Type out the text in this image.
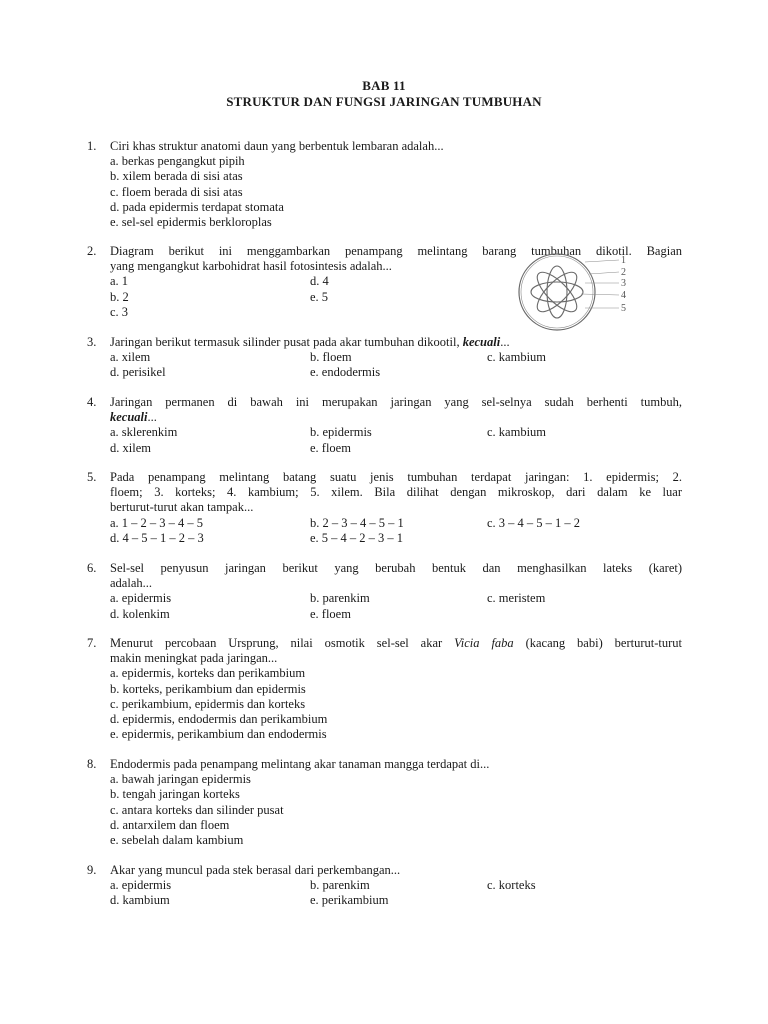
BAB 11
STRUKTUR DAN FUNGSI JARINGAN TUMBUHAN
1. Ciri khas struktur anatomi daun yang berbentuk lembaran adalah...
a. berkas pengangkut pipih
b. xilem berada di sisi atas
c. floem berada di sisi atas
d. pada epidermis terdapat stomata
e. sel-sel epidermis berkloroplas
2. Diagram berikut ini menggambarkan penampang melintang barang tumbuhan dikotil. Bagian
yang mengangkut karbohidrat hasil fotosintesis adalah...
a. 1	d. 4
b. 2	e. 5
c. 3
1
2
3
4
5
3. Jaringan berikut termasuk silinder pusat pada akar tumbuhan dikootil, kecuali...
a. xilem	b. floem	c. kambium
d. perisikel	e. endodermis
4. Jaringan permanen di bawah ini merupakan jaringan yang sel-selnya sudah berhenti tumbuh,
kecuali...
a. sklerenkim	b. epidermis	c. kambium
d. xilem	e. floem
5. Pada penampang melintang batang suatu jenis tumbuhan terdapat jaringan: 1. epidermis; 2.
floem; 3. korteks; 4. kambium; 5. xilem. Bila dilihat dengan mikroskop, dari dalam ke luar
berturut-turut akan tampak...
a. 1 – 2 – 3 – 4 – 5	b. 2 – 3 – 4 – 5 – 1	c. 3 – 4 – 5 – 1 – 2
d. 4 – 5 – 1 – 2 – 3	e. 5 – 4 – 2 – 3 – 1
6. Sel-sel penyusun jaringan berikut yang berubah bentuk dan menghasilkan lateks (karet)
adalah...
a. epidermis	b. parenkim	c. meristem
d. kolenkim	e. floem
7. Menurut percobaan Ursprung, nilai osmotik sel-sel akar Vicia faba (kacang babi) berturut-turut
makin meningkat pada jaringan...
a. epidermis, korteks dan perikambium
b. korteks, perikambium dan epidermis
c. perikambium, epidermis dan korteks
d. epidermis, endodermis dan perikambium
e. epidermis, perikambium dan endodermis
8. Endodermis pada penampang melintang akar tanaman mangga terdapat di...
a. bawah jaringan epidermis
b. tengah jaringan korteks
c. antara korteks dan silinder pusat
d. antarxilem dan floem
e. sebelah dalam kambium
9. Akar yang muncul pada stek berasal dari perkembangan...
a. epidermis	b. parenkim	c. korteks
d. kambium	e. perikambium
